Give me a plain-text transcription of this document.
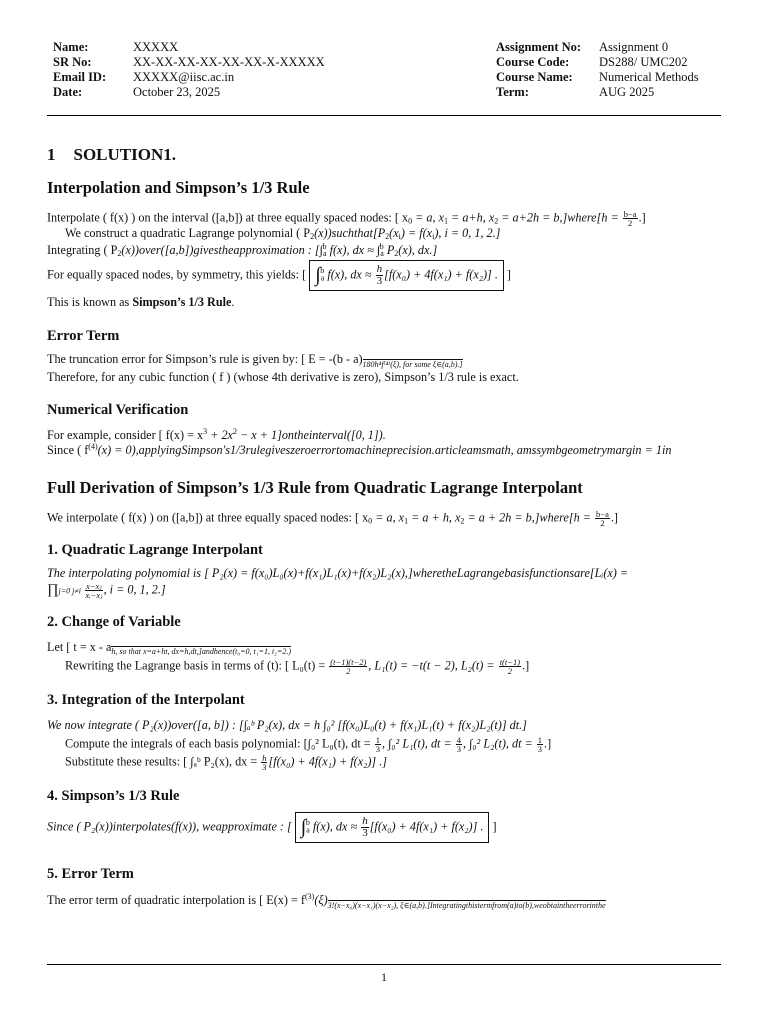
Name:	XXXXX
SR No:	XX-XX-XX-XX-XX-XX-X-XXXXX
Email ID: XXXXX@iisc.ac.in
Date:	October 23, 2025
Assignment No: Assignment 0
Course Code: DS288/ UMC202
Course Name: Numerical Methods
Term:	AUG 2025
1 SOLUTION1.
Interpolation and Simpson’s 1/3 Rule
Interpolate ( f(x) ) on the interval ([a,b]) at three equally spaced nodes: [ $x_0 = a$, $x_1 = a+h$, $x_2 = a+2h$ = b,]where[h = $\frac{b-a}{2}$ .]
We construct a quadratic Lagrange polynomial ( $P_2(x))suchthat[P_2(x_i) = f(x_i)$, i = 0, 1, 2.]
Integrating ( $P_2(x))over([a,b])givestheapproximation$ : [$\int_a^b$ f(x), dx ≈ $\int_a^b$ $P_2(x)$, dx.]
For equally spaced nodes, by symmetry, this yields: [ $\int_a^b$ f(x), dx ≈ $\frac{h}{3} [f(x_0) + 4f(x_1) + f(x_2)]$ . ]
This is known as Simpson’s 1/3 Rule.
Error Term
The truncation error for Simpson’s rule is given by: [ $E = -(b - a)_{180h^4f^{(4)}(\xi), for some \xi\in(a,b).]}$
Therefore, for any cubic function ( f ) (whose 4th derivative is zero), Simpson’s 1/3 rule is exact.
Numerical Verification
For example, consider [ $f(x) = x^3 + 2x^2 - x$ + 1]ontheinterval([0, 1]).
Since ( $f^{(4)}(x)$ = 0),applyingSimpson′s1/3rulegiveszeroerrortomachineprecision.articleamsmath, amssymbgeometrymargin = 1in
Full Derivation of Simpson’s 1/3 Rule from Quadratic Lagrange Interpolant
We interpolate ( f(x) ) on ([a,b]) at three equally spaced nodes: [ $x_0 = a$, $x_1 = a + h$, $x_2 = a + 2h$ = b,]where[h = $\frac{b-a}{2}$ .]
1. Quadratic Lagrange Interpolant
The interpolating polynomial is [ P₂(x) = f(x₀)L₀(x)+f(x₁)L₁(x)+f(x₂)L₂(x),]wheretheLagrangebasisfunctionsare[Lᵢ(x) =
∏j=0 $j\ne i \frac{\text{x−xⱼ}}{\text{xᵢ−xⱼ}}$ , i = 0, 1, 2.]
2. Change of Variable
Let [ $t = x - a_{h, so that x=a+ht, dx=h,dt,]andhence(t_0=0, t_1=1, t_2=2.)}$
Rewriting the Lagrange basis in terms of (t): [ $L_0(t) = \frac{(t-1)(t-2)}{2}$ , L₁(t) = −t(t − 2), $L_2(t) = \frac{t(t-1)}{2}$ .]
3. Integration of the Interpolant
We now integrate ( P₂(x))over([a, b]) : [∫ₐᵇ P₂(x), dx = h ∫₀² [f(x₀)L₀(t) + f(x₁)L₁(t) + f(x₂)L₂(t)] dt.]
Compute the integrals of each basis polynomial: [∫₀² L₀(t), dt = $\frac{1}{3}$ , ∫₀² L₁(t), dt = $\frac{4}{3}$ , ∫₀² L₂(t), dt = $\frac{1}{3}$ .]
Substitute these results: [ ∫ₐᵇ P₂(x), dx = $\frac{h}{3} [f(x_0) + 4f(x_1) + f(x_2)]$ .]
4. Simpson’s 1/3 Rule
Since ( P₂(x))interpolates(f(x)), weapproximate : [ $\int_a^b$ f(x), dx ≈ $\frac{h}{3} [f(x_0) + 4f(x_1) + f(x_2)]$ . ]
5. Error Term
The error term of quadratic interpolation is [ $E(x) = f^{(3)}(\xi)_{3!(x-x_0)(x-x_1)(x-x_2), \xi\in(a,b).]Integratingthistermfrom(a)to(b),weobtaintheerrorinthe}$
1
